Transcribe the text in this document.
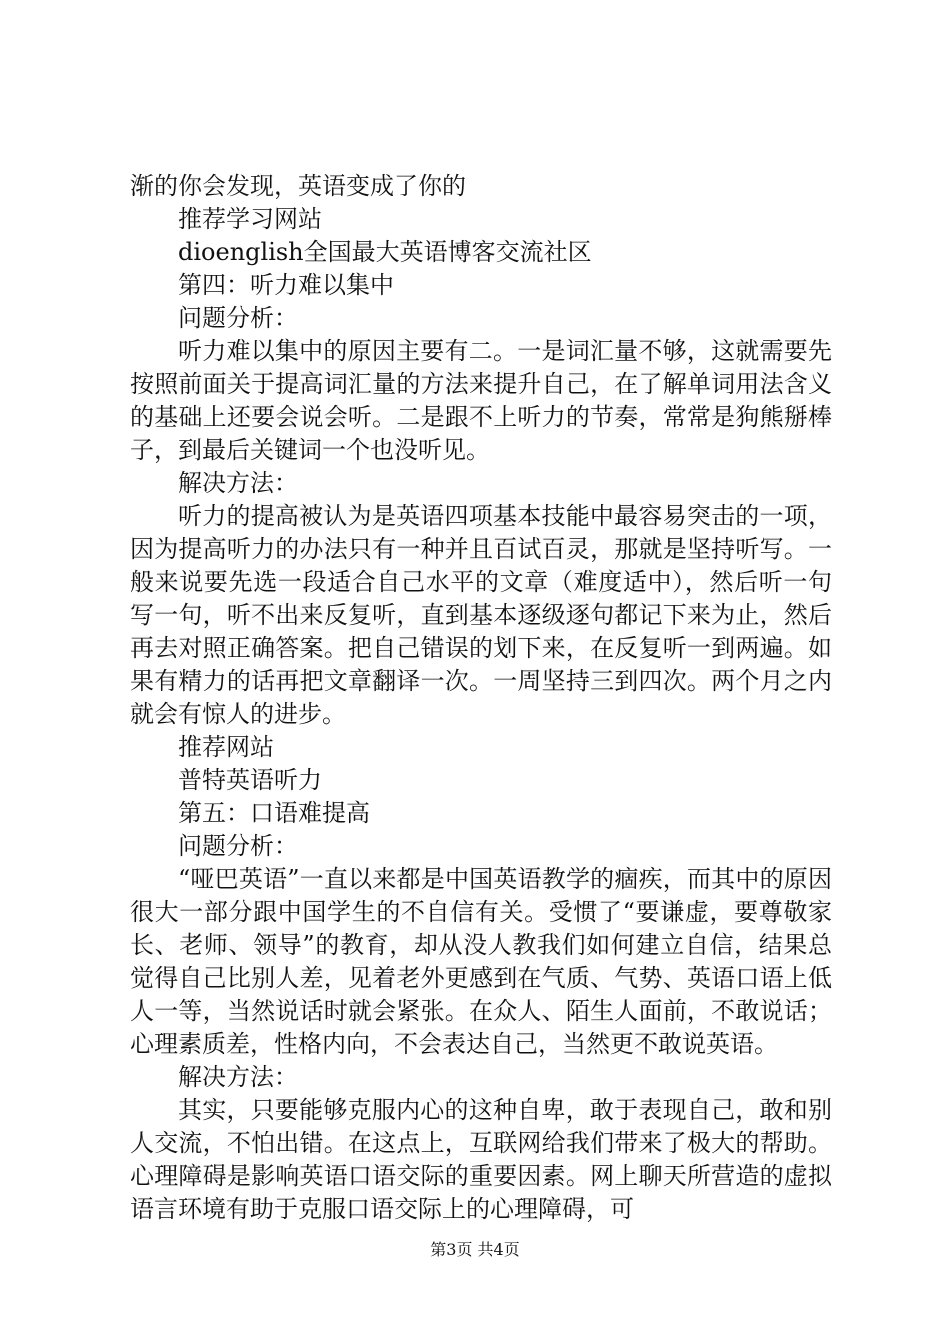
渐的你会发现，英语变成了你的

推荐学习网站

dioenglish全国最大英语博客交流社区

第四：听力难以集中

问题分析：

听力难以集中的原因主要有二。一是词汇量不够，这就需要先按照前面关于提高词汇量的方法来提升自己，在了解单词用法含义的基础上还要会说会听。二是跟不上听力的节奏，常常是狗熊掰棒子，到最后关键词一个也没听见。

解决方法：

听力的提高被认为是英语四项基本技能中最容易突击的一项，因为提高听力的办法只有一种并且百试百灵，那就是坚持听写。一般来说要先选一段适合自己水平的文章（难度适中），然后听一句写一句，听不出来反复听，直到基本逐级逐句都记下来为止，然后再去对照正确答案。把自己错误的划下来，在反复听一到两遍。如果有精力的话再把文章翻译一次。一周坚持三到四次。两个月之内就会有惊人的进步。

推荐网站

普特英语听力

第五：口语难提高

问题分析：

“哑巴英语”一直以来都是中国英语教学的痼疾，而其中的原因很大一部分跟中国学生的不自信有关。受惯了“要谦虚，要尊敬家长、老师、领导”的教育，却从没人教我们如何建立自信，结果总觉得自己比别人差，见着老外更感到在气质、气势、英语口语上低人一等，当然说话时就会紧张。在众人、陌生人面前，不敢说话；心理素质差，性格内向，不会表达自己，当然更不敢说英语。

解决方法：

其实，只要能够克服内心的这种自卑，敢于表现自己，敢和别人交流，不怕出错。在这点上，互联网给我们带来了极大的帮助。心理障碍是影响英语口语交际的重要因素。网上聊天所营造的虚拟语言环境有助于克服口语交际上的心理障碍，可

第3页 共4页
